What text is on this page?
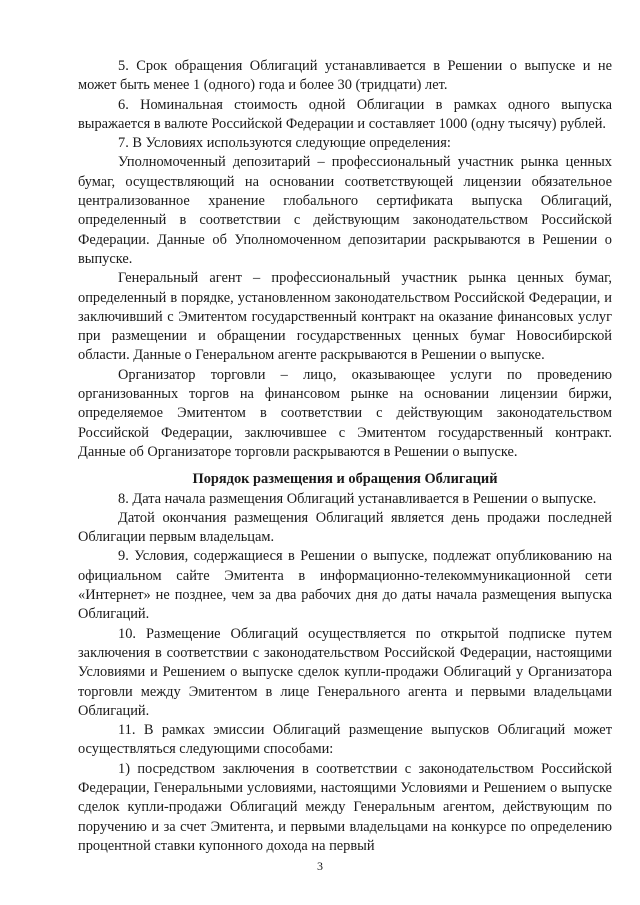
5. Срок обращения Облигаций устанавливается в Решении о выпуске и не может быть менее 1 (одного) года и более 30 (тридцати) лет.

6. Номинальная стоимость одной Облигации в рамках одного выпуска выражается в валюте Российской Федерации и составляет 1000 (одну тысячу) рублей.

7. В Условиях используются следующие определения:

Уполномоченный депозитарий – профессиональный участник рынка ценных бумаг, осуществляющий на основании соответствующей лицензии обязательное централизованное хранение глобального сертификата выпуска Облигаций, определенный в соответствии с действующим законодательством Российской Федерации. Данные об Уполномоченном депозитарии раскрываются в Решении о выпуске.

Генеральный агент – профессиональный участник рынка ценных бумаг, определенный в порядке, установленном законодательством Российской Федерации, и заключивший с Эмитентом государственный контракт на оказание финансовых услуг при размещении и обращении государственных ценных бумаг Новосибирской области. Данные о Генеральном агенте раскрываются в Решении о выпуске.

Организатор торговли – лицо, оказывающее услуги по проведению организованных торгов на финансовом рынке на основании лицензии биржи, определяемое Эмитентом в соответствии с действующим законодательством Российской Федерации, заключившее с Эмитентом государственный контракт. Данные об Организаторе торговли раскрываются в Решении о выпуске.

Порядок размещения и обращения Облигаций

8. Дата начала размещения Облигаций устанавливается в Решении о выпуске.

Датой окончания размещения Облигаций является день продажи последней Облигации первым владельцам.

9. Условия, содержащиеся в Решении о выпуске, подлежат опубликованию на официальном сайте Эмитента в информационно-телекоммуникационной сети «Интернет» не позднее, чем за два рабочих дня до даты начала размещения выпуска Облигаций.

10. Размещение Облигаций осуществляется по открытой подписке путем заключения в соответствии с законодательством Российской Федерации, настоящими Условиями и Решением о выпуске сделок купли-продажи Облигаций у Организатора торговли между Эмитентом в лице Генерального агента и первыми владельцами Облигаций.

11. В рамках эмиссии Облигаций размещение выпусков Облигаций может осуществляться следующими способами:

1) посредством заключения в соответствии с законодательством Российской Федерации, Генеральными условиями, настоящими Условиями и Решением о выпуске сделок купли-продажи Облигаций между Генеральным агентом, действующим по поручению и за счет Эмитента, и первыми владельцами на конкурсе по определению процентной ставки купонного дохода на первый

3
